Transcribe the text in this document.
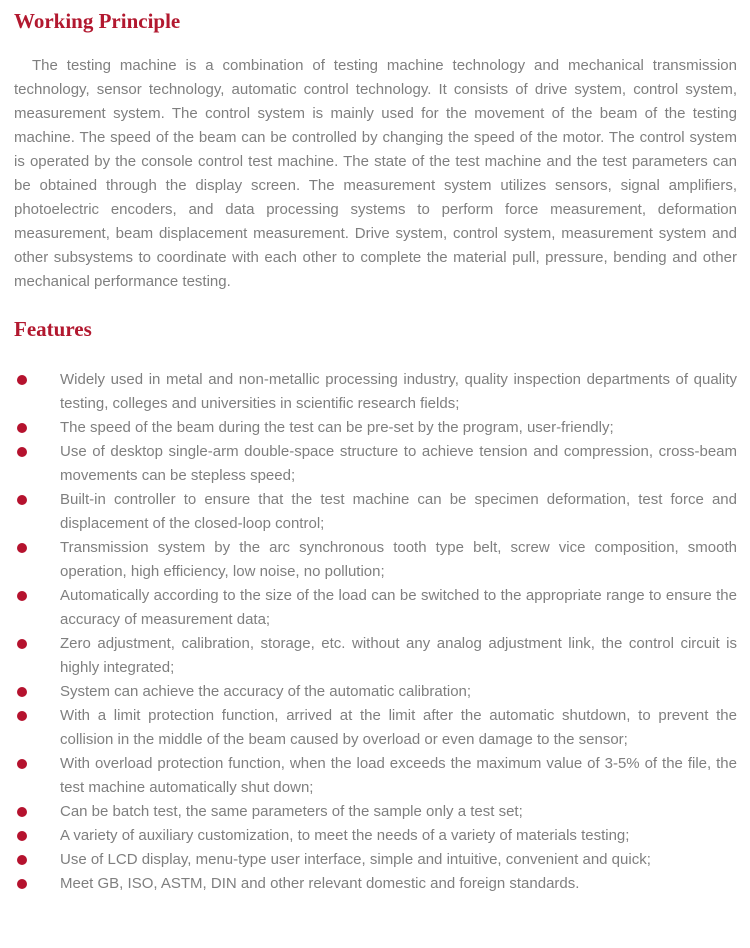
Working Principle

The testing machine is a combination of testing machine technology and mechanical transmission technology, sensor technology, automatic control technology. It consists of drive system, control system, measurement system. The control system is mainly used for the movement of the beam of the testing machine. The speed of the beam can be controlled by changing the speed of the motor. The control system is operated by the console control test machine. The state of the test machine and the test parameters can be obtained through the display screen. The measurement system utilizes sensors, signal amplifiers, photoelectric encoders, and data processing systems to perform force measurement, deformation measurement, beam displacement measurement. Drive system, control system, measurement system and other subsystems to coordinate with each other to complete the material pull, pressure, bending and other mechanical performance testing.

Features
Widely used in metal and non-metallic processing industry, quality inspection departments of quality testing, colleges and universities in scientific research fields;
The speed of the beam during the test can be pre-set by the program, user-friendly;
Use of desktop single-arm double-space structure to achieve tension and compression, cross-beam movements can be stepless speed;
Built-in controller to ensure that the test machine can be specimen deformation, test force and displacement of the closed-loop control;
Transmission system by the arc synchronous tooth type belt, screw vice composition, smooth operation, high efficiency, low noise, no pollution;
Automatically according to the size of the load can be switched to the appropriate range to ensure the accuracy of measurement data;
Zero adjustment, calibration, storage, etc. without any analog adjustment link, the control circuit is highly integrated;
System can achieve the accuracy of the automatic calibration;
With a limit protection function, arrived at the limit after the automatic shutdown, to prevent the collision in the middle of the beam caused by overload or even damage to the sensor;
With overload protection function, when the load exceeds the maximum value of 3-5% of the file, the test machine automatically shut down;
Can be batch test, the same parameters of the sample only a test set;
A variety of auxiliary customization, to meet the needs of a variety of materials testing;
Use of LCD display, menu-type user interface, simple and intuitive, convenient and quick;
Meet GB, ISO, ASTM, DIN and other relevant domestic and foreign standards.
